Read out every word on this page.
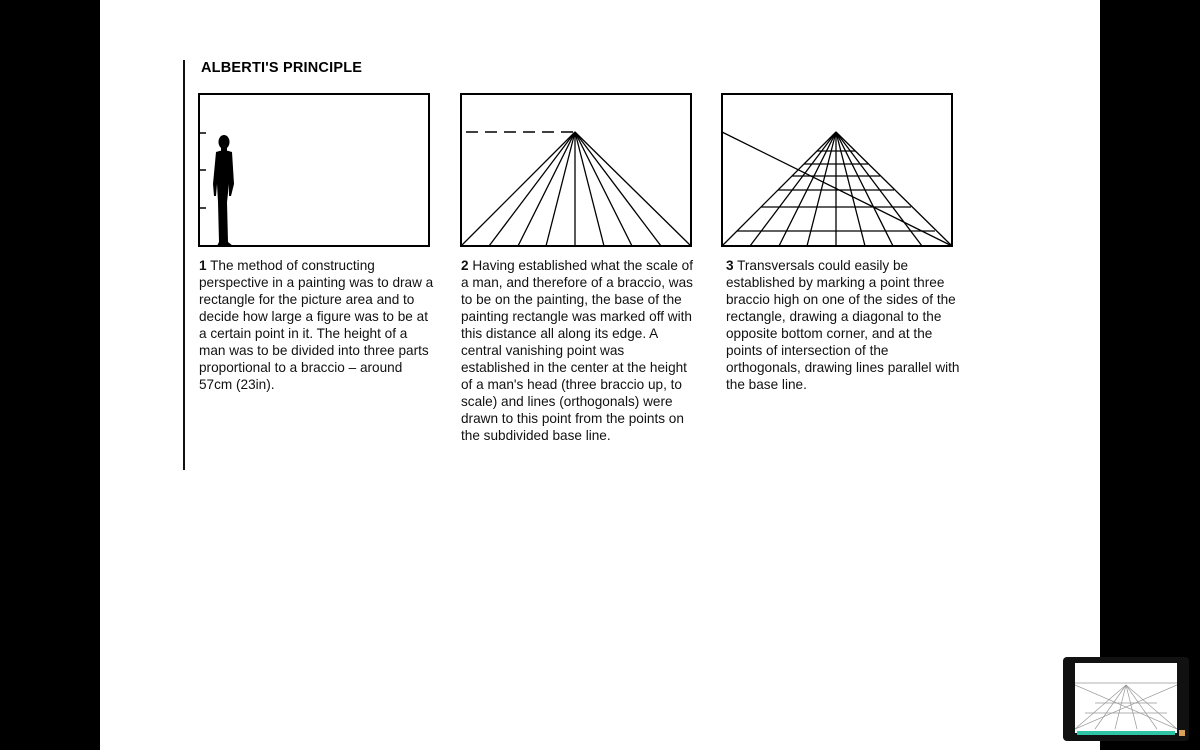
ALBERTI'S PRINCIPLE

1 The method of constructing perspective in a painting was to draw a rectangle for the picture area and to decide how large a figure was to be at a certain point in it. The height of a man was to be divided into three parts proportional to a braccio – around 57cm (23in).

2 Having established what the scale of a man, and therefore of a braccio, was to be on the painting, the base of the painting rectangle was marked off with this distance all along its edge. A central vanishing point was established in the center at the height of a man's head (three braccio up, to scale) and lines (orthogonals) were drawn to this point from the points on the subdivided base line.

3 Transversals could easily be established by marking a point three braccio high on one of the sides of the rectangle, drawing a diagonal to the opposite bottom corner, and at the points of intersection of the orthogonals, drawing lines parallel with the base line.
